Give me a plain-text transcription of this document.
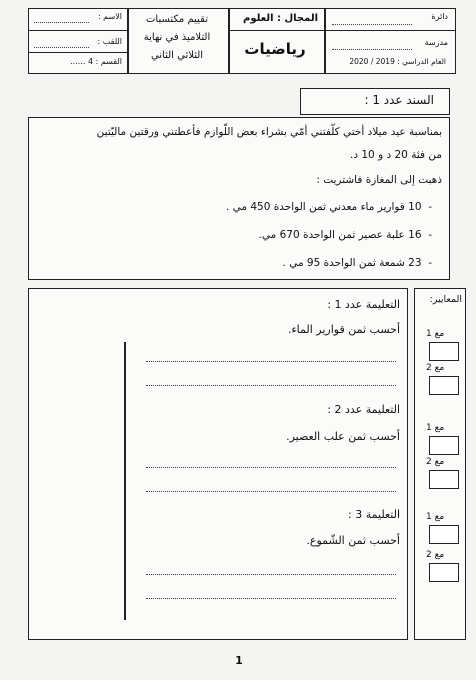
دائرة
مدرسة
العام الدراسي : 2019 / 2020
المجال : العلوم
رياضيات
تقييم مكتسبات
التلاميذ في نهاية
الثلاثي الثاني
الاسم :
اللقب :
القسم : 4 ......
السند عدد 1 :
بمناسبة عيد ميلاد أختي كلّفتني أمّي بشراء بعض اللّوازم فأعطتني ورقتين ماليّتين
من فئة 20 د و 10 د.
ذهبت إلى المغازة فاشتريت :
-  10 قوارير ماء معدني ثمن الواحدة 450 مي .
-  16 علبة عصير ثمن الواحدة 670 مي.
-  23 شمعة ثمن الواحدة 95 مي .
المعايير:
التعليمة عدد 1 :
أحسب ثمن قوارير الماء.
التعليمة عدد 2 :
أحسب ثمن علب العصير.
التعليمة 3 :
أحسب ثمن الشّموع.
مع 1
مع 2
مع 1
مع 2
مع 1
مع 2
1
